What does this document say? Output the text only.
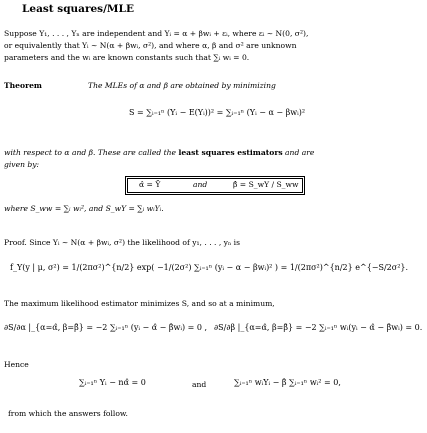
Least squares/MLE
Suppose Y₁, . . . , Yₙ are independent and Yᵢ = α + βwᵢ + εᵢ, where εᵢ ∼ N(0, σ²),
or equivalently that Yᵢ ∼ N(α + βwᵢ, σ²), and where α, β and σ² are unknown
parameters and the wᵢ are known constants such that ∑ᵢ wᵢ = 0.
Theorem	The MLEs of α and β are obtained by minimizing
S = ∑ᵢ₌₁ⁿ (Yᵢ − E(Yᵢ))² = ∑ᵢ₌₁ⁿ (Yᵢ − α − βwᵢ)²
with respect to α and β. These are called the least squares estimators and are
given by:
α̂ = Ȳ	and	β̂ = S_wY / S_ww
where S_ww = ∑ᵢ wᵢ², and S_wY = ∑ᵢ wᵢYᵢ.
Proof. Since Yᵢ ∼ N(α + βwᵢ, σ²) the likelihood of y₁, . . . , yₙ is
f_Y(y | μ, σ²) = 1/(2πσ²)^{n/2} exp( −1/(2σ²) ∑ᵢ₌₁ⁿ (yᵢ − α − βwᵢ)² ) = 1/(2πσ²)^{n/2} e^{−S/2σ²}.
The maximum likelihood estimator minimizes S, and so at a minimum,
∂S/∂α |_{α=α̂, β=β̂} = −2 ∑ᵢ₌₁ⁿ (yᵢ − α̂ − β̂wᵢ) = 0 , ∂S/∂β |_{α=α̂, β=β̂} = −2 ∑ᵢ₌₁ⁿ wᵢ(yᵢ − α̂ − β̂wᵢ) = 0.
Hence
∑ᵢ₌₁ⁿ Yᵢ − nα̂ = 0	and	∑ᵢ₌₁ⁿ wᵢYᵢ − β̂ ∑ᵢ₌₁ⁿ wᵢ² = 0,
from which the answers follow.
